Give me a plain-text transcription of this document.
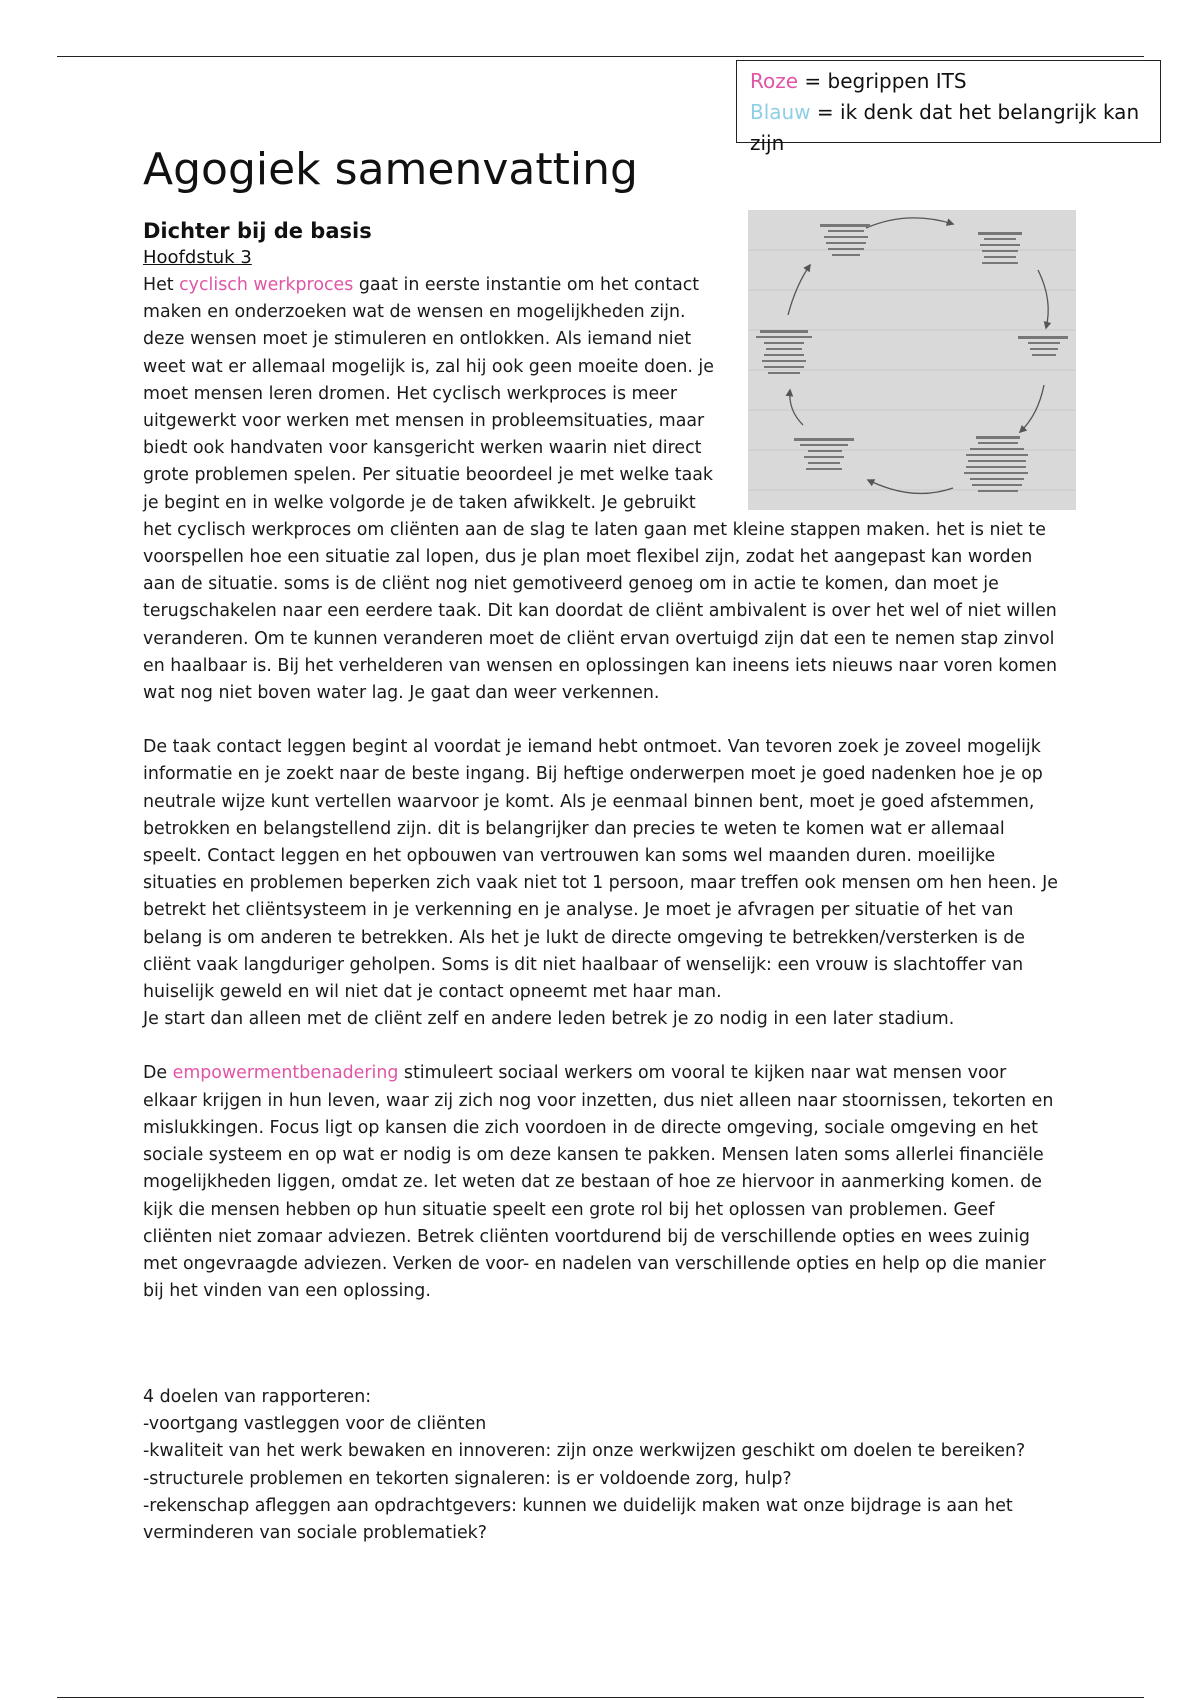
Roze = begrippen ITS
Blauw = ik denk dat het belangrijk kan zijn
Agogiek samenvatting
Dichter bij de basis
Hoofdstuk 3

Het cyclisch werkproces gaat in eerste instantie om het contact maken en onderzoeken wat de wensen en mogelijkheden zijn. deze wensen moet je stimuleren en ontlokken. Als iemand niet weet wat er allemaal mogelijk is, zal hij ook geen moeite doen. je moet mensen leren dromen. Het cyclisch werkproces is meer uitgewerkt voor werken met mensen in probleemsituaties, maar biedt ook handvaten voor kansgericht werken waarin niet direct grote problemen spelen. Per situatie beoordeel je met welke taak je begint en in welke volgorde je de taken afwikkelt. Je gebruikt het cyclisch werkproces om cliënten aan de slag te laten gaan met kleine stappen maken. het is niet te voorspellen hoe een situatie zal lopen, dus je plan moet flexibel zijn, zodat het aangepast kan worden aan de situatie. soms is de cliënt nog niet gemotiveerd genoeg om in actie te komen, dan moet je terugschakelen naar een eerdere taak. Dit kan doordat de cliënt ambivalent is over het wel of niet willen veranderen. Om te kunnen veranderen moet de cliënt ervan overtuigd zijn dat een te nemen stap zinvol en haalbaar is. Bij het verhelderen van wensen en oplossingen kan ineens iets nieuws naar voren komen wat nog niet boven water lag. Je gaat dan weer verkennen.

De taak contact leggen begint al voordat je iemand hebt ontmoet. Van tevoren zoek je zoveel mogelijk informatie en je zoekt naar de beste ingang. Bij heftige onderwerpen moet je goed nadenken hoe je op neutrale wijze kunt vertellen waarvoor je komt. Als je eenmaal binnen bent, moet je goed afstemmen, betrokken en belangstellend zijn. dit is belangrijker dan precies te weten te komen wat er allemaal speelt. Contact leggen en het opbouwen van vertrouwen kan soms wel maanden duren. moeilijke situaties en problemen beperken zich vaak niet tot 1 persoon, maar treffen ook mensen om hen heen. Je betrekt het cliëntsysteem in je verkenning en je analyse. Je moet je afvragen per situatie of het van belang is om anderen te betrekken. Als het je lukt de directe omgeving te betrekken/versterken is de cliënt vaak langduriger geholpen. Soms is dit niet haalbaar of wenselijk: een vrouw is slachtoffer van huiselijk geweld en wil niet dat je contact opneemt met haar man.
Je start dan alleen met de cliënt zelf en andere leden betrek je zo nodig in een later stadium.

De empowermentbenadering stimuleert sociaal werkers om vooral te kijken naar wat mensen voor elkaar krijgen in hun leven, waar zij zich nog voor inzetten, dus niet alleen naar stoornissen, tekorten en mislukkingen. Focus ligt op kansen die zich voordoen in de directe omgeving, sociale omgeving en het sociale systeem en op wat er nodig is om deze kansen te pakken. Mensen laten soms allerlei financiële mogelijkheden liggen, omdat ze. Iet weten dat ze bestaan of hoe ze hiervoor in aanmerking komen. de kijk die mensen hebben op hun situatie speelt een grote rol bij het oplossen van problemen. Geef cliënten niet zomaar adviezen. Betrek cliënten voortdurend bij de verschillende opties en wees zuinig met ongevraagde adviezen. Verken de voor- en nadelen van verschillende opties en help op die manier bij het vinden van een oplossing.

4 doelen van rapporteren:
-voortgang vastleggen voor de cliënten
-kwaliteit van het werk bewaken en innoveren: zijn onze werkwijzen geschikt om doelen te bereiken?
-structurele problemen en tekorten signaleren: is er voldoende zorg, hulp?
-rekenschap afleggen aan opdrachtgevers: kunnen we duidelijk maken wat onze bijdrage is aan het verminderen van sociale problematiek?
